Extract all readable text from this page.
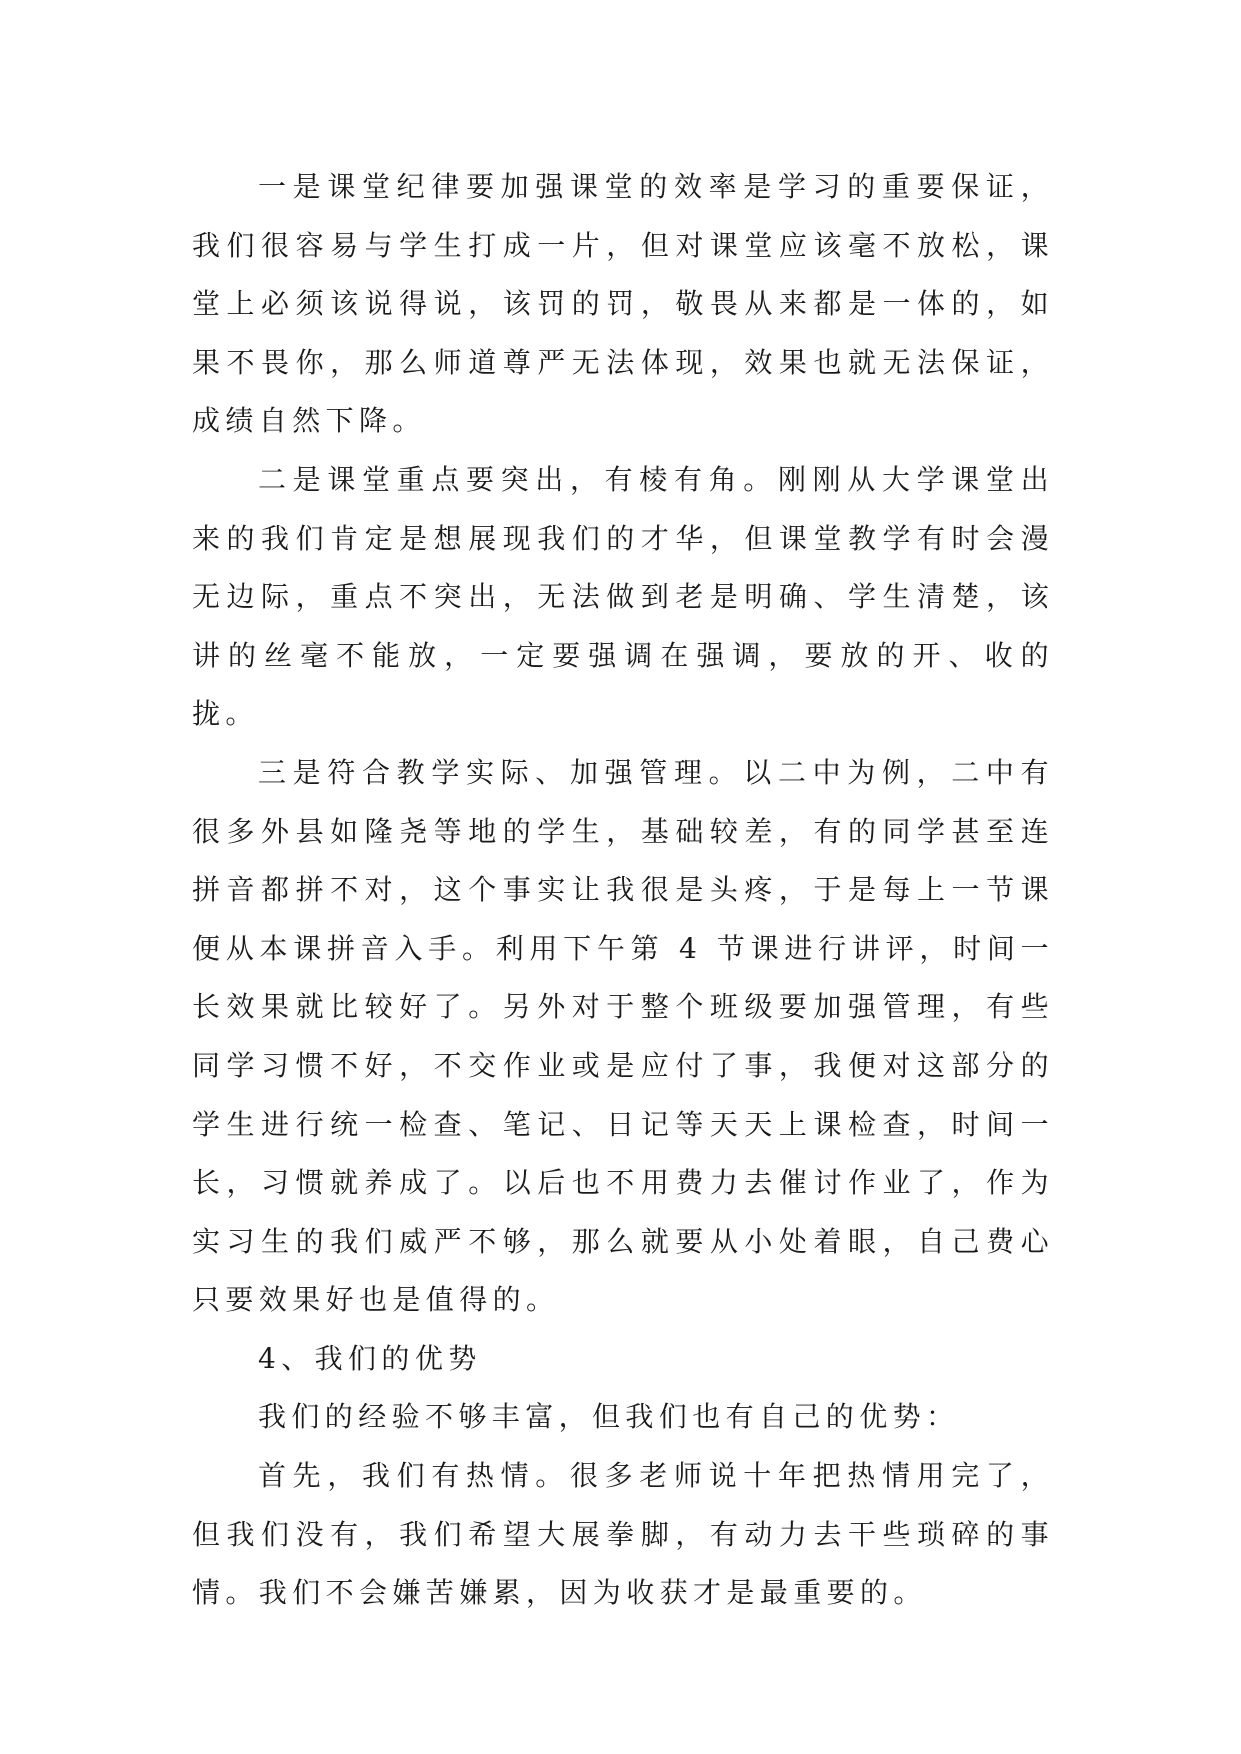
一是课堂纪律要加强课堂的效率是学习的重要保证，我们很容易与学生打成一片，但对课堂应该毫不放松，课堂上必须该说得说，该罚的罚，敬畏从来都是一体的，如果不畏你，那么师道尊严无法体现，效果也就无法保证，成绩自然下降。

二是课堂重点要突出，有棱有角。刚刚从大学课堂出来的我们肯定是想展现我们的才华，但课堂教学有时会漫无边际，重点不突出，无法做到老是明确、学生清楚，该讲的丝毫不能放，一定要强调在强调，要放的开、收的拢。

三是符合教学实际、加强管理。以二中为例，二中有很多外县如隆尧等地的学生，基础较差，有的同学甚至连拼音都拼不对，这个事实让我很是头疼，于是每上一节课便从本课拼音入手。利用下午第 4 节课进行讲评，时间一长效果就比较好了。另外对于整个班级要加强管理，有些同学习惯不好，不交作业或是应付了事，我便对这部分的学生进行统一检查、笔记、日记等天天上课检查，时间一长，习惯就养成了。以后也不用费力去催讨作业了，作为实习生的我们威严不够，那么就要从小处着眼，自己费心只要效果好也是值得的。

4、我们的优势

我们的经验不够丰富，但我们也有自己的优势：

首先，我们有热情。很多老师说十年把热情用完了，但我们没有，我们希望大展拳脚，有动力去干些琐碎的事情。我们不会嫌苦嫌累，因为收获才是最重要的。
